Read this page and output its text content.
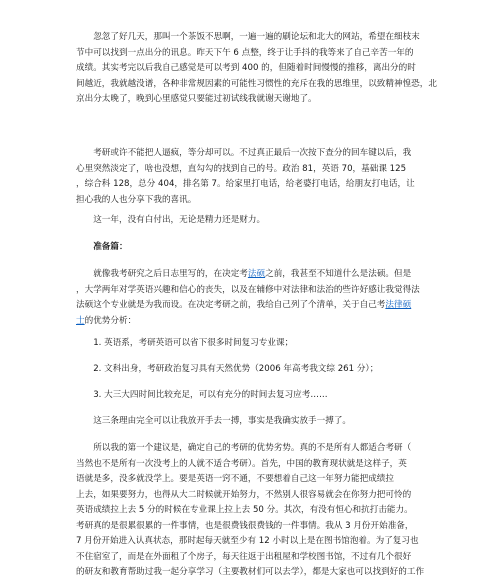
　　忽忽了好几天，那叫一个茶饭不思啊，一遍一遍的刷论坛和北大的网站，希望在细枝末
节中可以找到一点出分的讯息。昨天下午 6 点整，终于让手抖的我等来了自己辛苦一年的
成绩。其实考完以后我自己感觉是可以考到 400 的，但随着时间慢慢的推移，离出分的时
间越近，我就越没谱，各种非常规因素的可能性习惯性的充斥在我的思维里，以致精神惶恐，北
京出分太晚了，晚到心里感觉只要能过初试线我就谢天谢地了。
　　考研或许不能把人逼疯，等分却可以。不过真正最后一次按下查分的回车键以后，我
心里突然淡定了，啥也没想，直勾勾的找到自己的号。政治 81，英语 70，基础课 125
，综合科 128，总分 404，排名第 7。给家里打电话，给老婆打电话，给朋友打电话，让
担心我的人也分享下我的喜讯。
　　这一年，没有白付出，无论是精力还是财力。
　　准备篇：
　　就像我考研究之后日志里写的，在决定考法硕之前，我甚至不知道什么是法硕。但是
，大学两年对学英语兴趣和信心的丧失，以及在辅修中对法律和法治的些许好感让我觉得法
法硕这个专业就是为我而设。在决定考研之前，我给自己列了个清单，关于自己考法律硕
士的优势分析：
　　1. 英语系，考研英语可以省下很多时间复习专业课；
　　2. 文科出身，考研政治复习具有天然优势（2006 年高考我文综 261 分）；
　　3. 大三大四时间比较充足，可以有充分的时间去复习应考……
　　这三条理由完全可以让我放开手去一搏，事实是我确实放手一搏了。
　　所以我的第一个建议是，确定自己的考研的优势劣势。真的不是所有人都适合考研（
当然也不是所有一次没考上的人就不适合考研）。首先，中国的教育现状就是这样子，英
语就是多，没多就没学上。要是英语一窍不通，不要想着自己这一年努力能把成绩拉
上去，如果要努力，也得从大二时候就开始努力，不然别人很容易就会在你努力把可怜的
英语成绩拉上去 5 分的时候在专业课上拉上去 50 分。其次，有没有恒心和抗打击能力。
考研真的是很累很累的一件事情，也是很费钱很费钱的一件事情。我从 3 月份开始准备，
7 月份开始进入认真状态，那时起每天就至少有 12 小时以上是在图书馆泡着。为了复习也
不住宿室了，而是在外面租了个房子，每天往返于出租屋和学校图书馆，不过有几个很好
的研友和教育帮助过我一起分享学习（主要教材们可以去学），都是大家也可以找到好的工作
